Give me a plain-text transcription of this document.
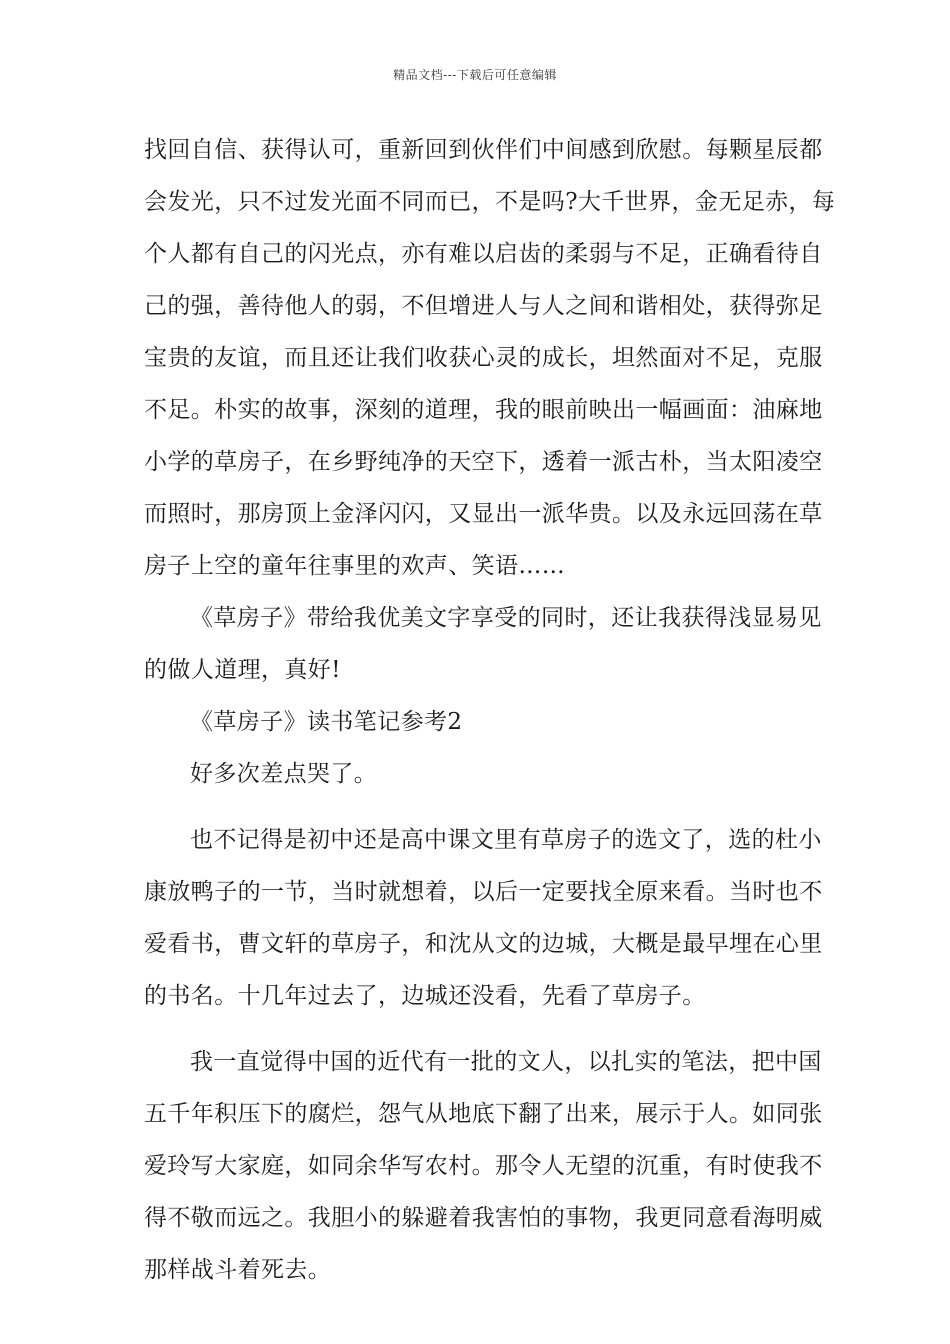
精品文档---下载后可任意编辑
找回自信、获得认可，重新回到伙伴们中间感到欣慰。每颗星辰都
会发光，只不过发光面不同而已，不是吗?大千世界，金无足赤，每
个人都有自己的闪光点，亦有难以启齿的柔弱与不足，正确看待自
己的强，善待他人的弱，不但增进人与人之间和谐相处，获得弥足
宝贵的友谊，而且还让我们收获心灵的成长，坦然面对不足，克服
不足。朴实的故事，深刻的道理，我的眼前映出一幅画面：油麻地
小学的草房子，在乡野纯净的天空下，透着一派古朴，当太阳凌空
而照时，那房顶上金泽闪闪，又显出一派华贵。以及永远回荡在草
房子上空的童年往事里的欢声、笑语……
《草房子》带给我优美文字享受的同时，还让我获得浅显易见
的做人道理，真好!
《草房子》读书笔记参考2
好多次差点哭了。
也不记得是初中还是高中课文里有草房子的选文了，选的杜小
康放鸭子的一节，当时就想着，以后一定要找全原来看。当时也不
爱看书，曹文轩的草房子，和沈从文的边城，大概是最早埋在心里
的书名。十几年过去了，边城还没看，先看了草房子。
我一直觉得中国的近代有一批的文人，以扎实的笔法，把中国
五千年积压下的腐烂，怨气从地底下翻了出来，展示于人。如同张
爱玲写大家庭，如同余华写农村。那令人无望的沉重，有时使我不
得不敬而远之。我胆小的躲避着我害怕的事物，我更同意看海明威
那样战斗着死去。
